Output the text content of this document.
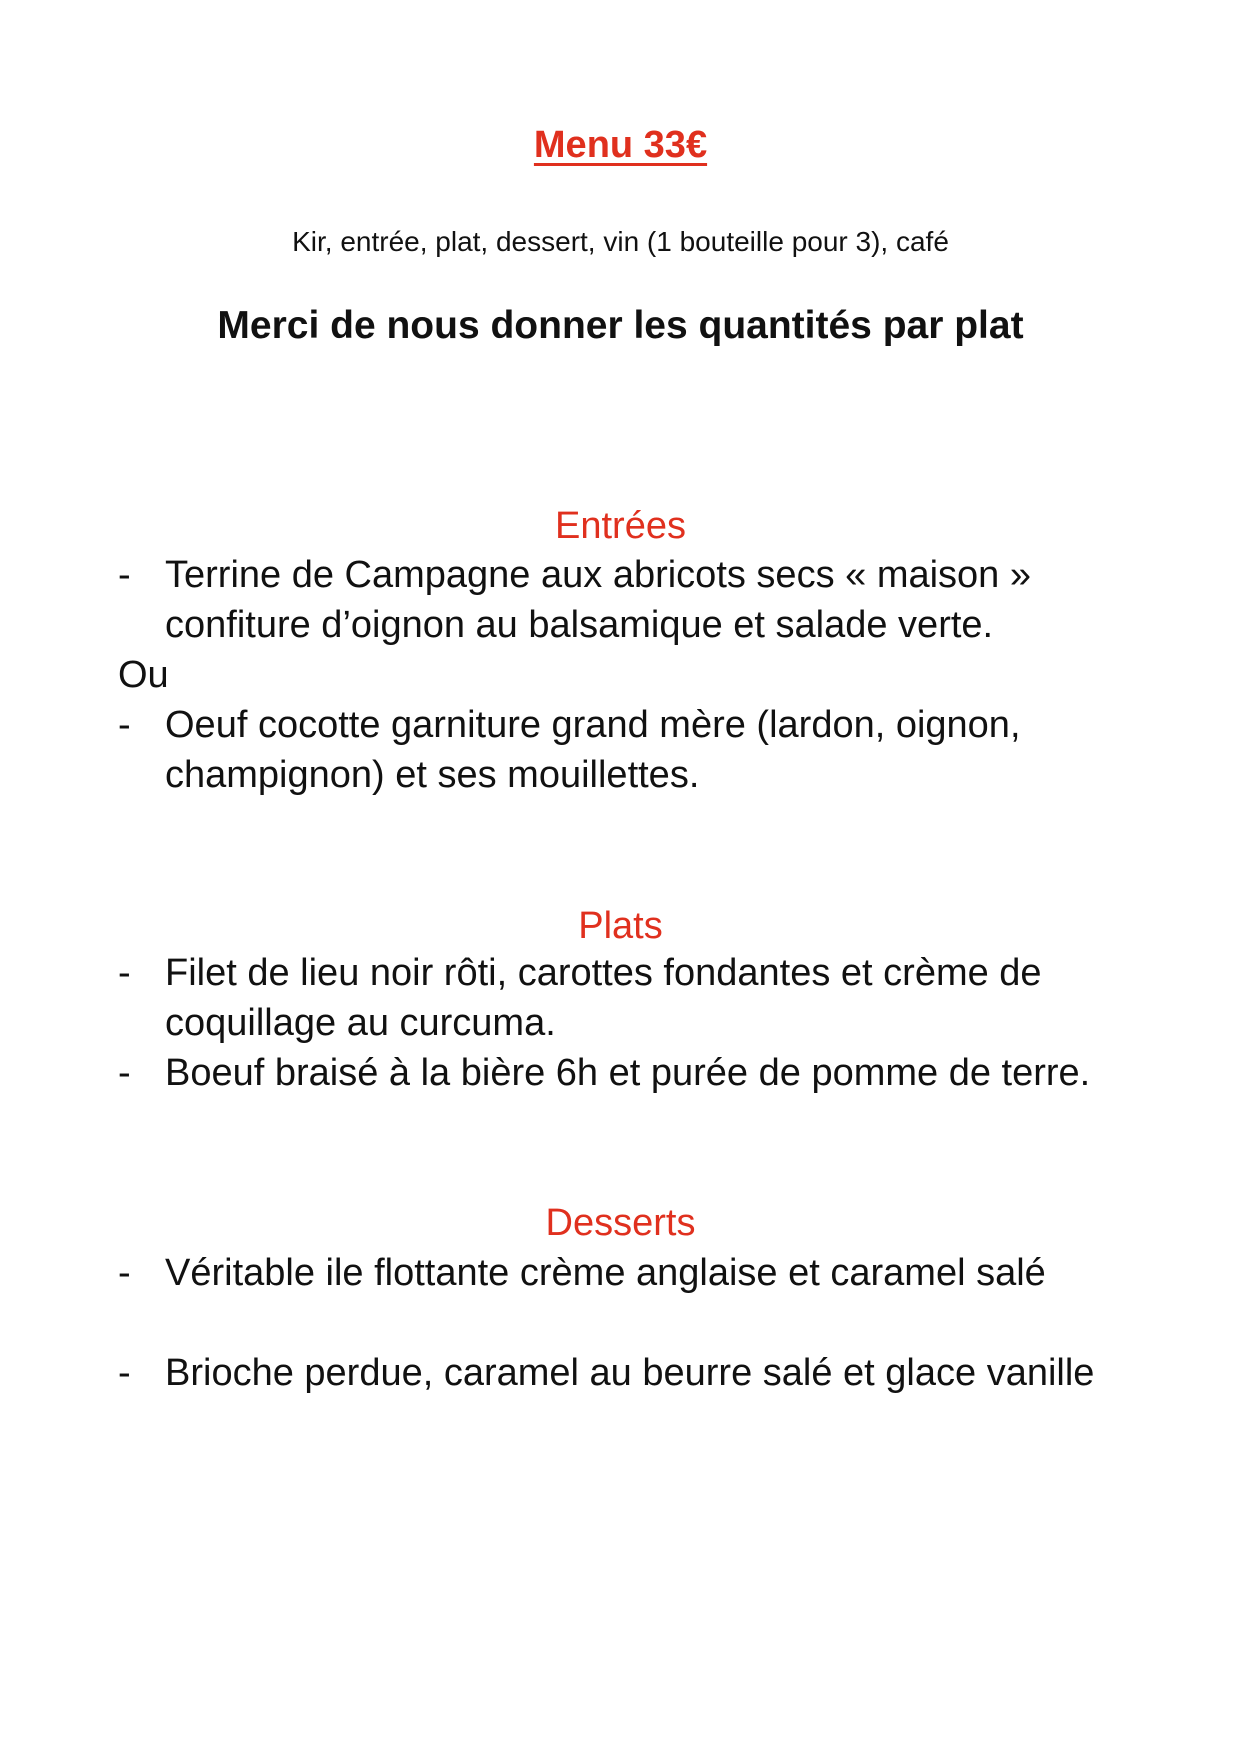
Menu 33€
Kir, entrée, plat, dessert, vin (1 bouteille pour 3), café
Merci de nous donner les quantités par plat
Entrées
- Terrine de Campagne aux abricots secs « maison » confiture d’oignon au balsamique et salade verte.
Ou
- Oeuf cocotte garniture grand mère (lardon, oignon, champignon) et ses mouillettes.
Plats
- Filet de lieu noir rôti, carottes fondantes et crème de coquillage au curcuma.
- Boeuf braisé à la bière 6h et purée de pomme de terre.
Desserts
- Véritable ile flottante crème anglaise et caramel salé
- Brioche perdue, caramel au beurre salé et glace vanille
